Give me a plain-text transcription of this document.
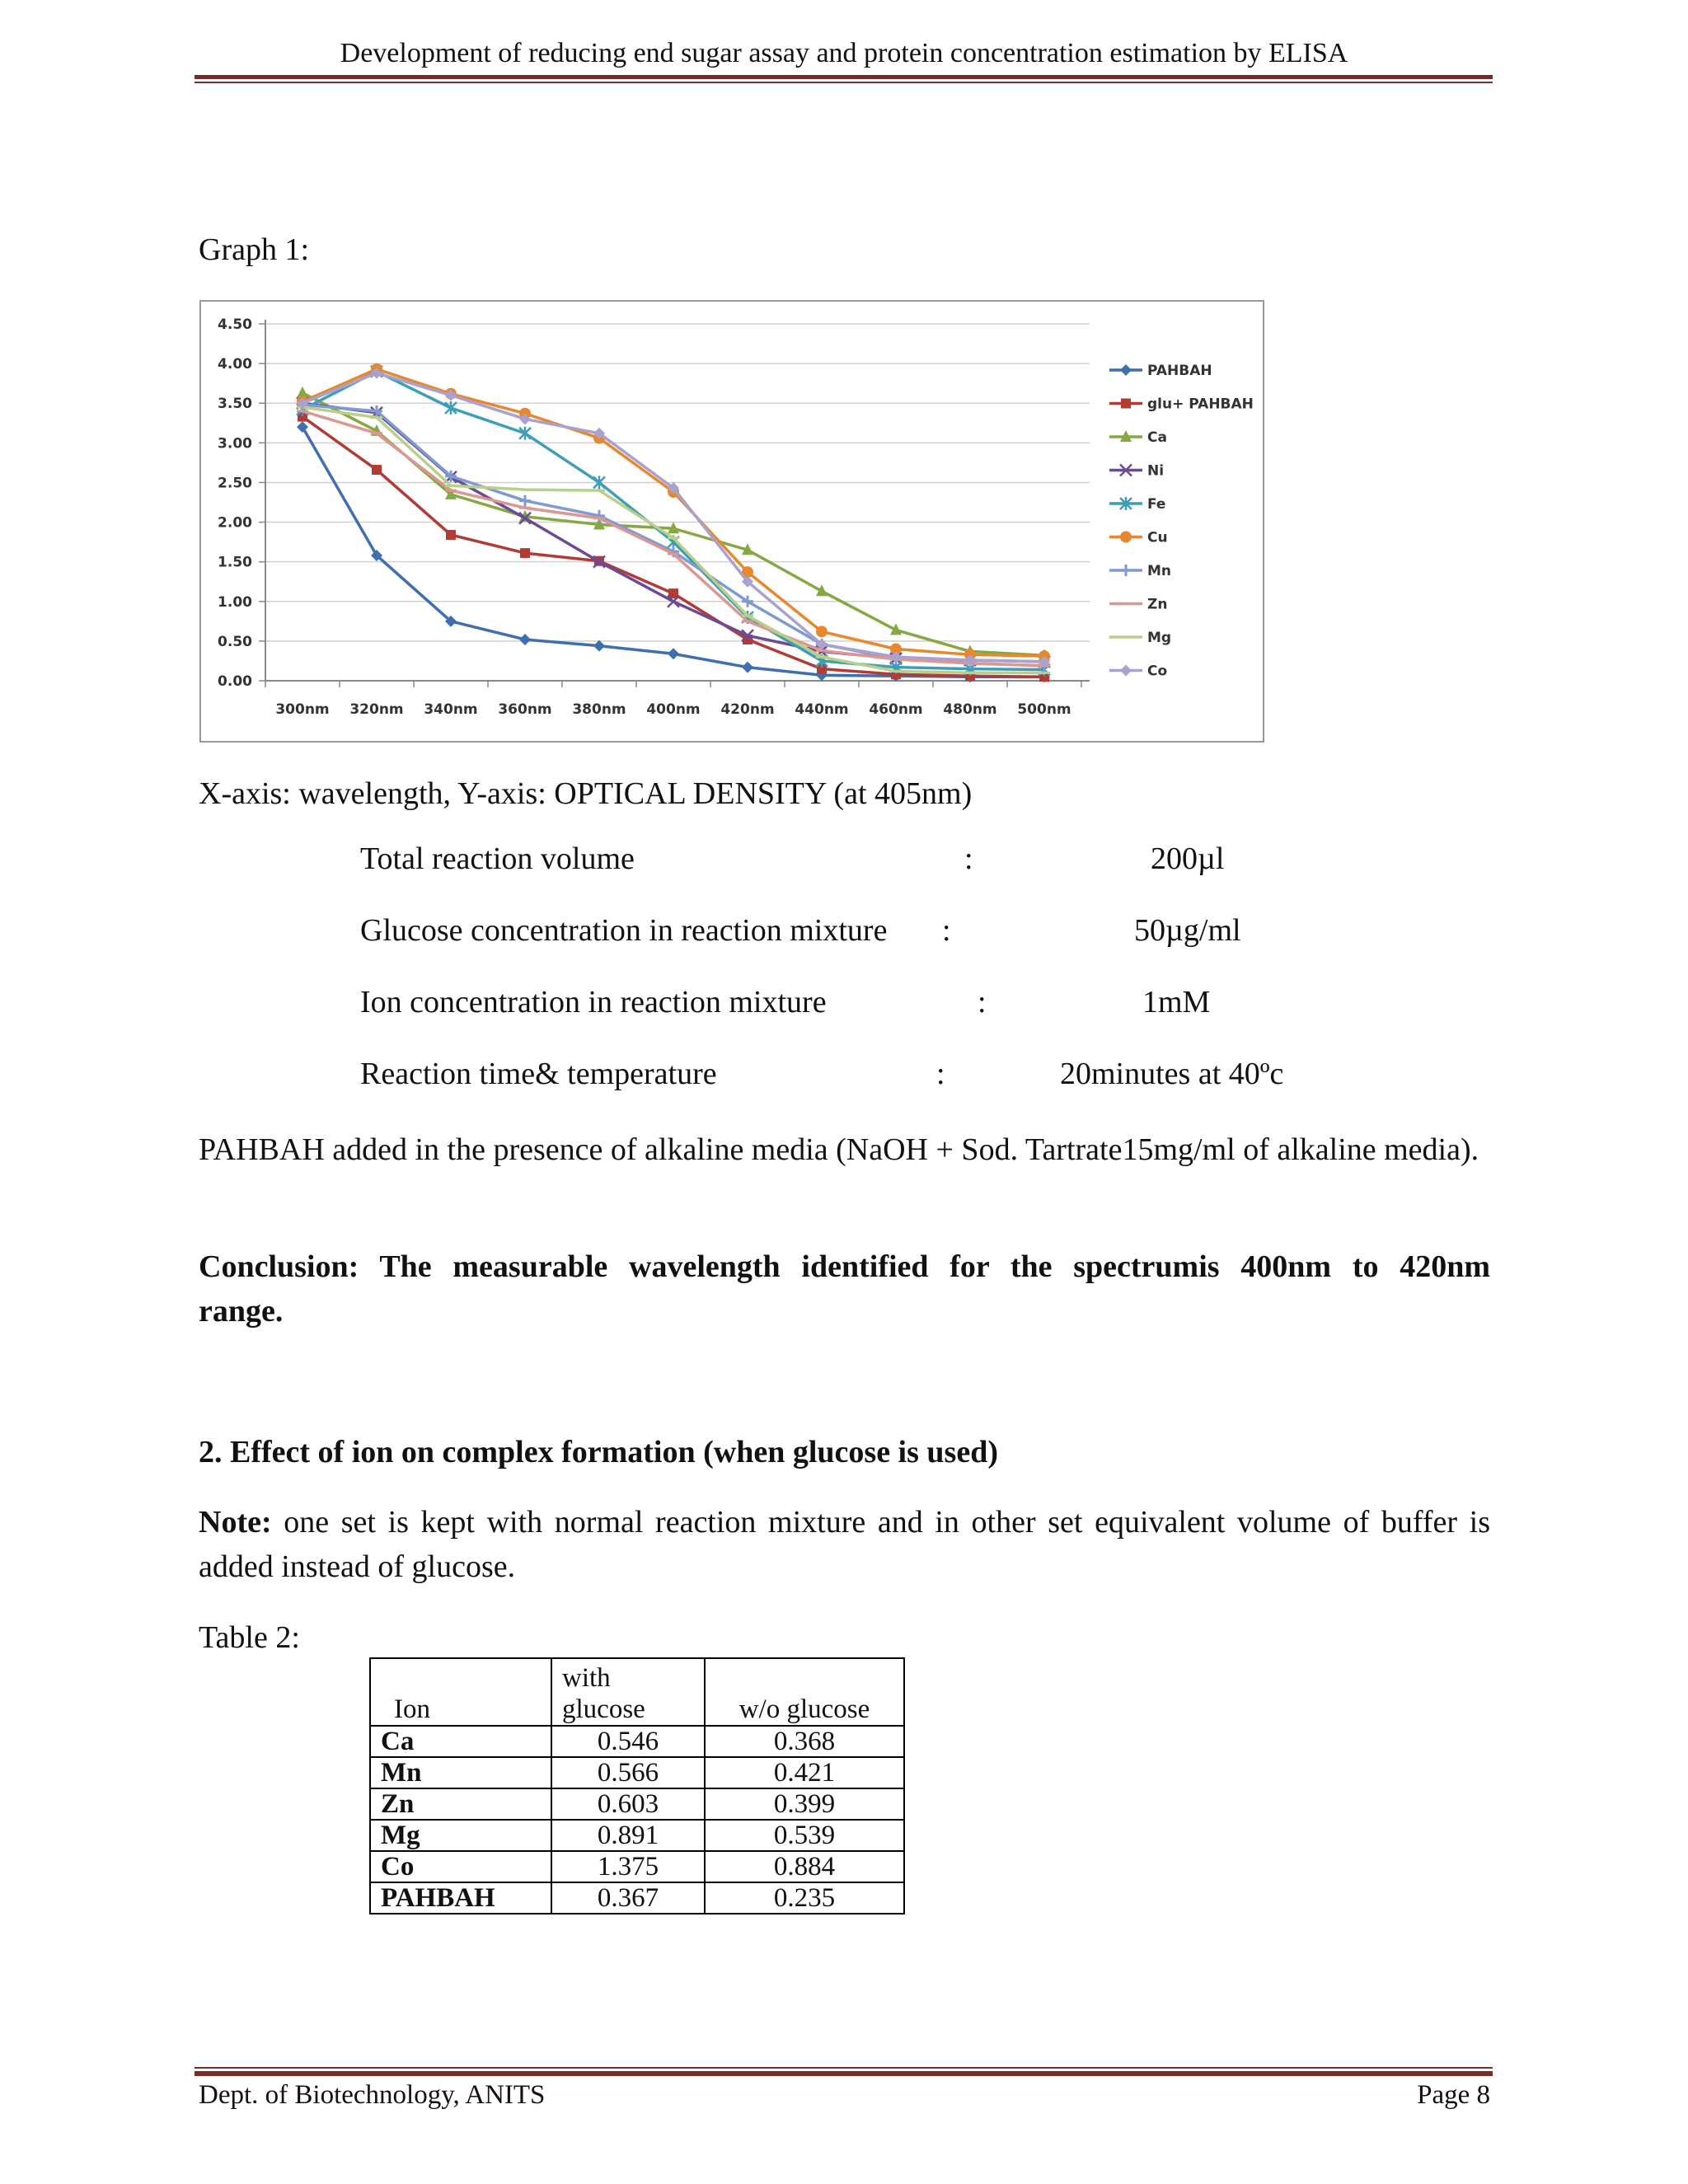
Development of reducing end sugar assay and protein concentration estimation by ELISA
Graph 1:
0.00
0.50
1.00
1.50
2.00
2.50
3.00
3.50
4.00
4.50
300nm 320nm 340nm 360nm 380nm 400nm 420nm 440nm 460nm 480nm 500nm
PAHBAH
glu+ PAHBAH
Ca
Ni
Fe
Cu
Mn
Zn
Mg
Co
X-axis: wavelength, Y-axis: OPTICAL DENSITY (at 405nm)
Total reaction volume	:	200µl
Glucose concentration in reaction mixture :	50µg/ml
Ion concentration in reaction mixture	:	1mM
Reaction time& temperature	:	20minutes at 40ºc
PAHBAH added in the presence of alkaline media (NaOH + Sod. Tartrate15mg/ml of alkaline media).
Conclusion: The measurable wavelength identified for the spectrumis 400nm to 420nm
range.
2. Effect of ion on complex formation (when glucose is used)
Note: one set is kept with normal reaction mixture and in other set equivalent volume of buffer is added instead of glucose.
Table 2:
Ion	with glucose	w/o glucose
Ca	0.546	0.368
Mn	0.566	0.421
Zn	0.603	0.399
Mg	0.891	0.539
Co	1.375	0.884
PAHBAH	0.367	0.235
Dept. of Biotechnology, ANITS	Page 8
